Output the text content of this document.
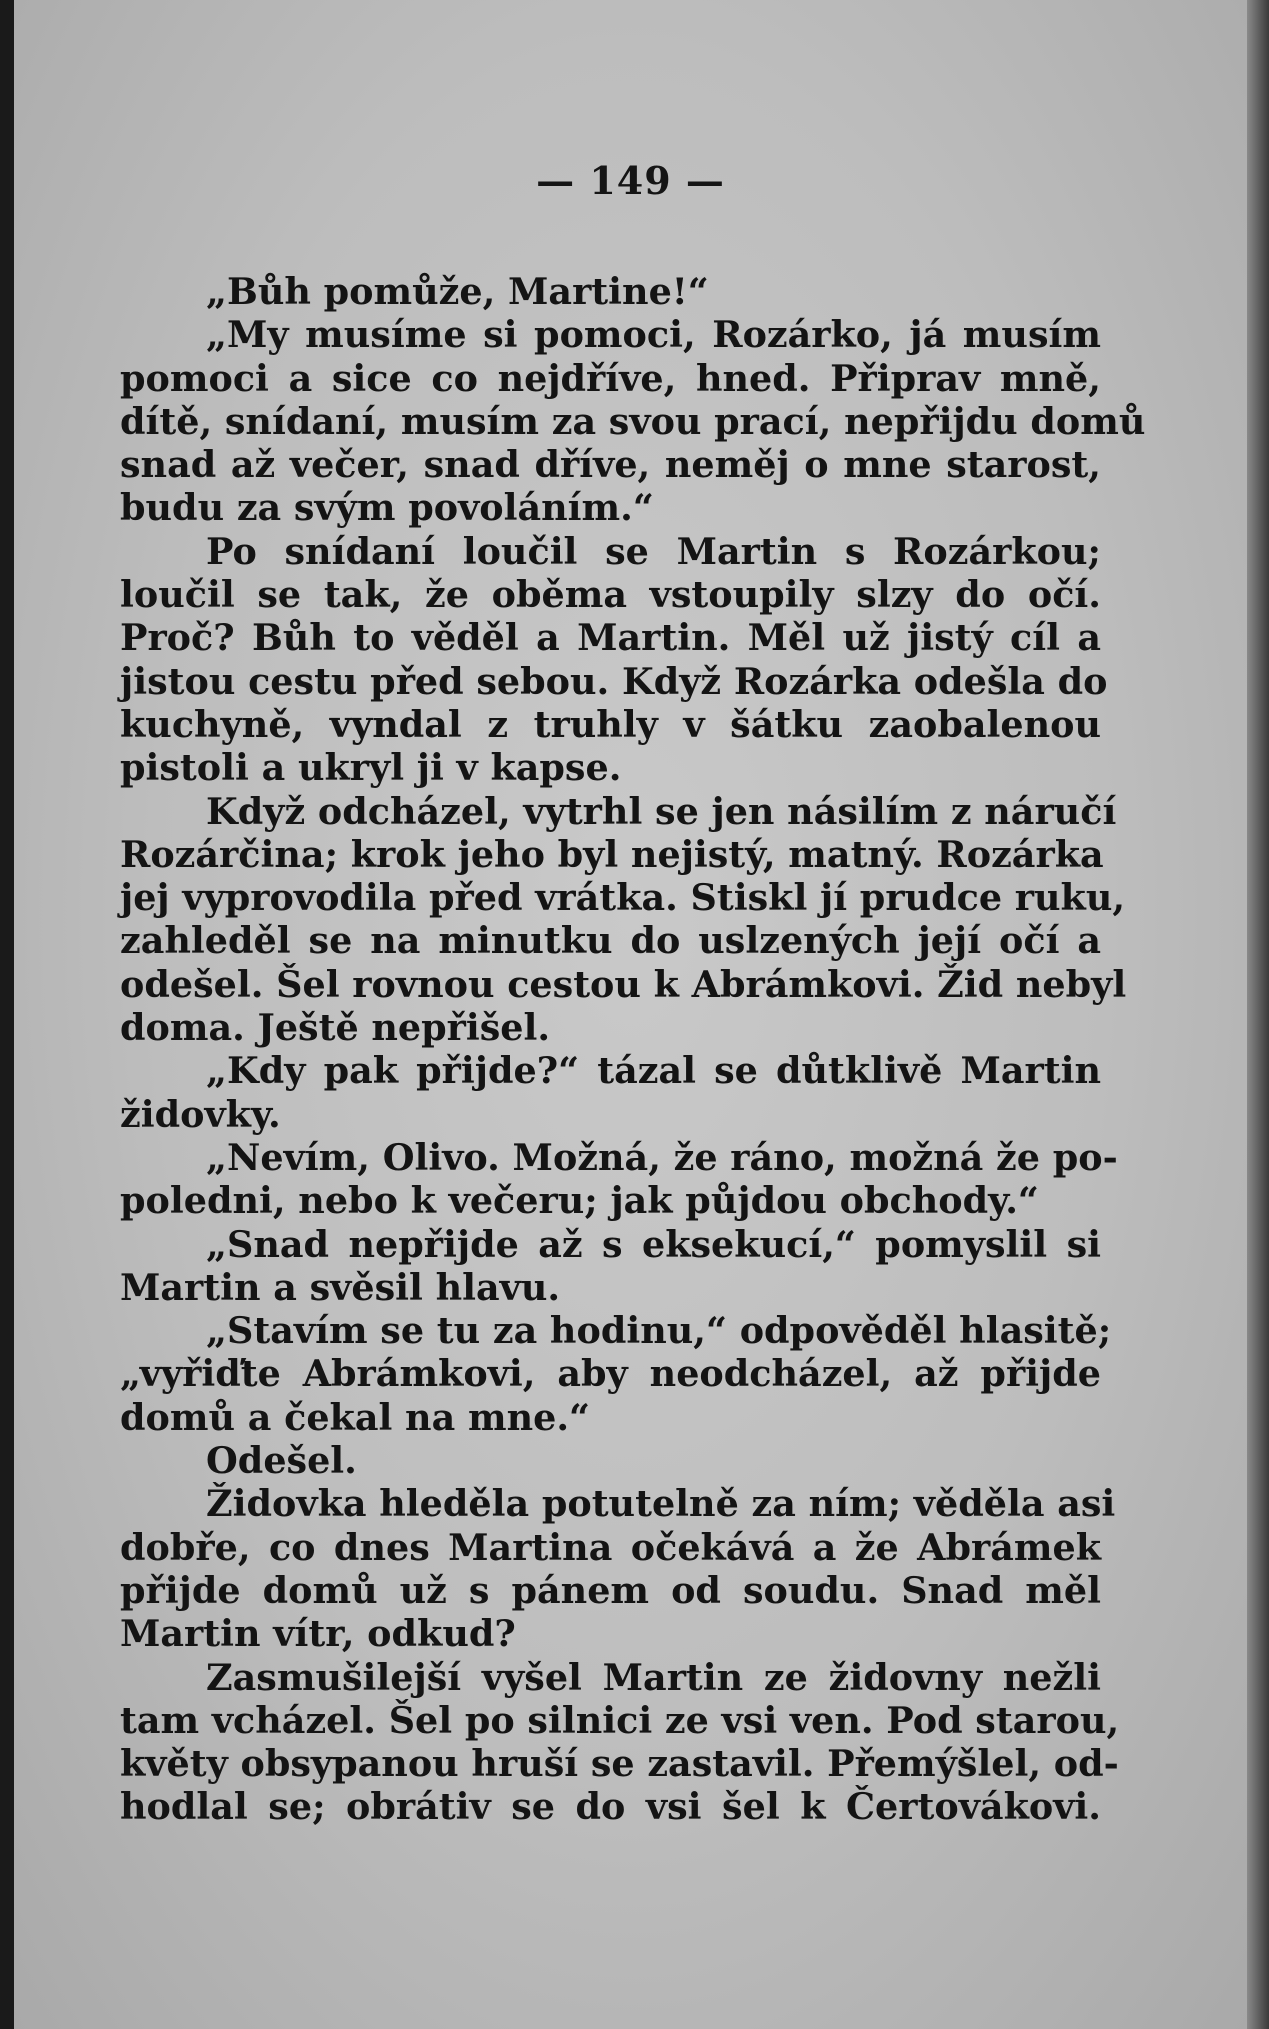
— 149 —
„Bůh pomůže, Martine!“
„My musíme si pomoci, Rozárko, já musím
pomoci a sice co nejdříve, hned. Připrav mně,
dítě, snídaní, musím za svou prací, nepřijdu domů
snad až večer, snad dříve, neměj o mne starost,
budu za svým povoláním.“
Po snídaní loučil se Martin s Rozárkou;
loučil se tak, že oběma vstoupily slzy do očí.
Proč? Bůh to věděl a Martin. Měl už jistý cíl a
jistou cestu před sebou. Když Rozárka odešla do
kuchyně, vyndal z truhly v šátku zaobalenou
pistoli a ukryl ji v kapse.
Když odcházel, vytrhl se jen násilím z náručí
Rozárčina; krok jeho byl nejistý, matný. Rozárka
jej vyprovodila před vrátka. Stiskl jí prudce ruku,
zahleděl se na minutku do uslzených její očí a
odešel. Šel rovnou cestou k Abrámkovi. Žid nebyl
doma. Ještě nepřišel.
„Kdy pak přijde?“ tázal se důtklivě Martin
židovky.
„Nevím, Olivo. Možná, že ráno, možná že po-
poledni, nebo k večeru; jak půjdou obchody.“
„Snad nepřijde až s eksekucí,“ pomyslil si
Martin a svěsil hlavu.
„Stavím se tu za hodinu,“ odpověděl hlasitě;
„vyřiďte Abrámkovi, aby neodcházel, až přijde
domů a čekal na mne.“
Odešel.
Židovka hleděla potutelně za ním; věděla asi
dobře, co dnes Martina očekává a že Abrámek
přijde domů už s pánem od soudu. Snad měl
Martin vítr, odkud?
Zasmušilejší vyšel Martin ze židovny nežli
tam vcházel. Šel po silnici ze vsi ven. Pod starou,
květy obsypanou hruší se zastavil. Přemýšlel, od-
hodlal se; obrátiv se do vsi šel k Čertovákovi.
